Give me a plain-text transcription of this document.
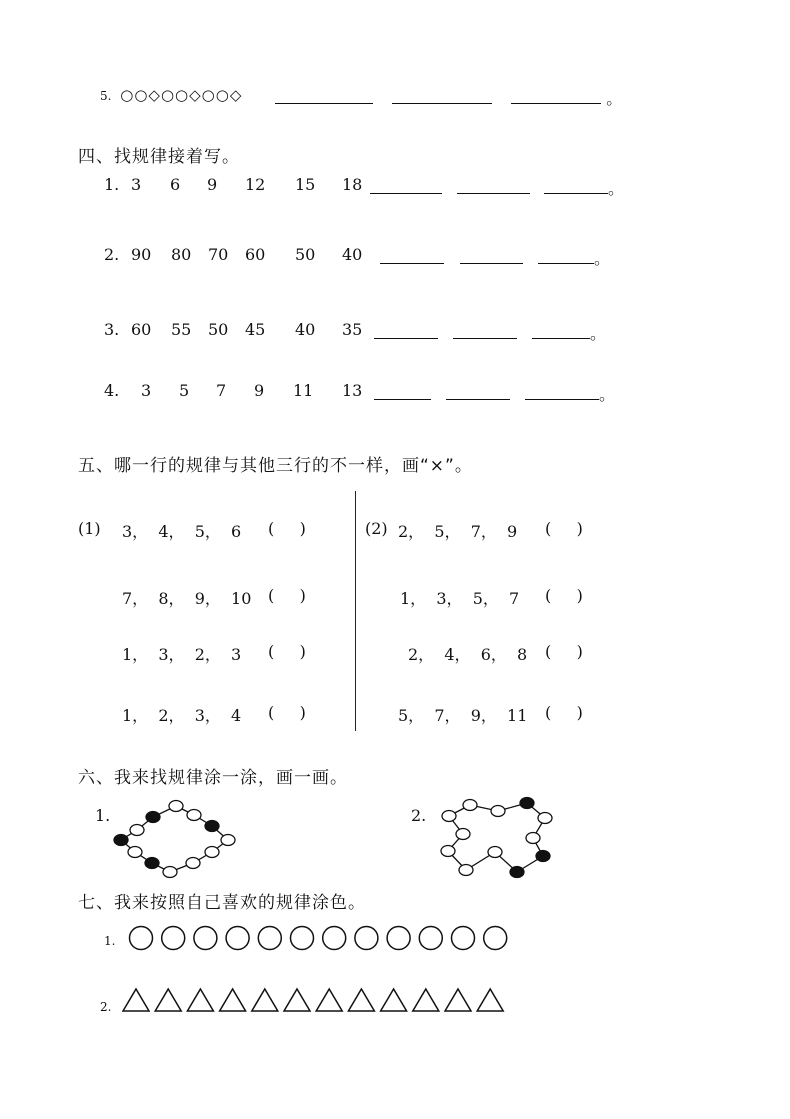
5. ○○◇○○◇○○◇	。
四、找规律接着写。
1. 3 6 9 12 15 18	。
2. 90 80 70 60 50 40	。
3. 60 55 50 45 40 35	。
4. 3 5 7 9 11 13	。
五、哪一行的规律与其他三行的不一样，画“×”。
(1)	(2)
3，  4，  5，  6 (     )
7，  8，  9，  10 (     )
1，  3，  2，  3 (     )
1，  2，  3，  4 (     )
2，  5，  7，  9 (     )
1，  3，  5，  7 (     )
2，  4，  6，  8 (     )
5，  7，  9，  11 (     )
六、我来找规律涂一涂，画一画。
1.	2.
七、我来按照自己喜欢的规律涂色。
1.
2.
